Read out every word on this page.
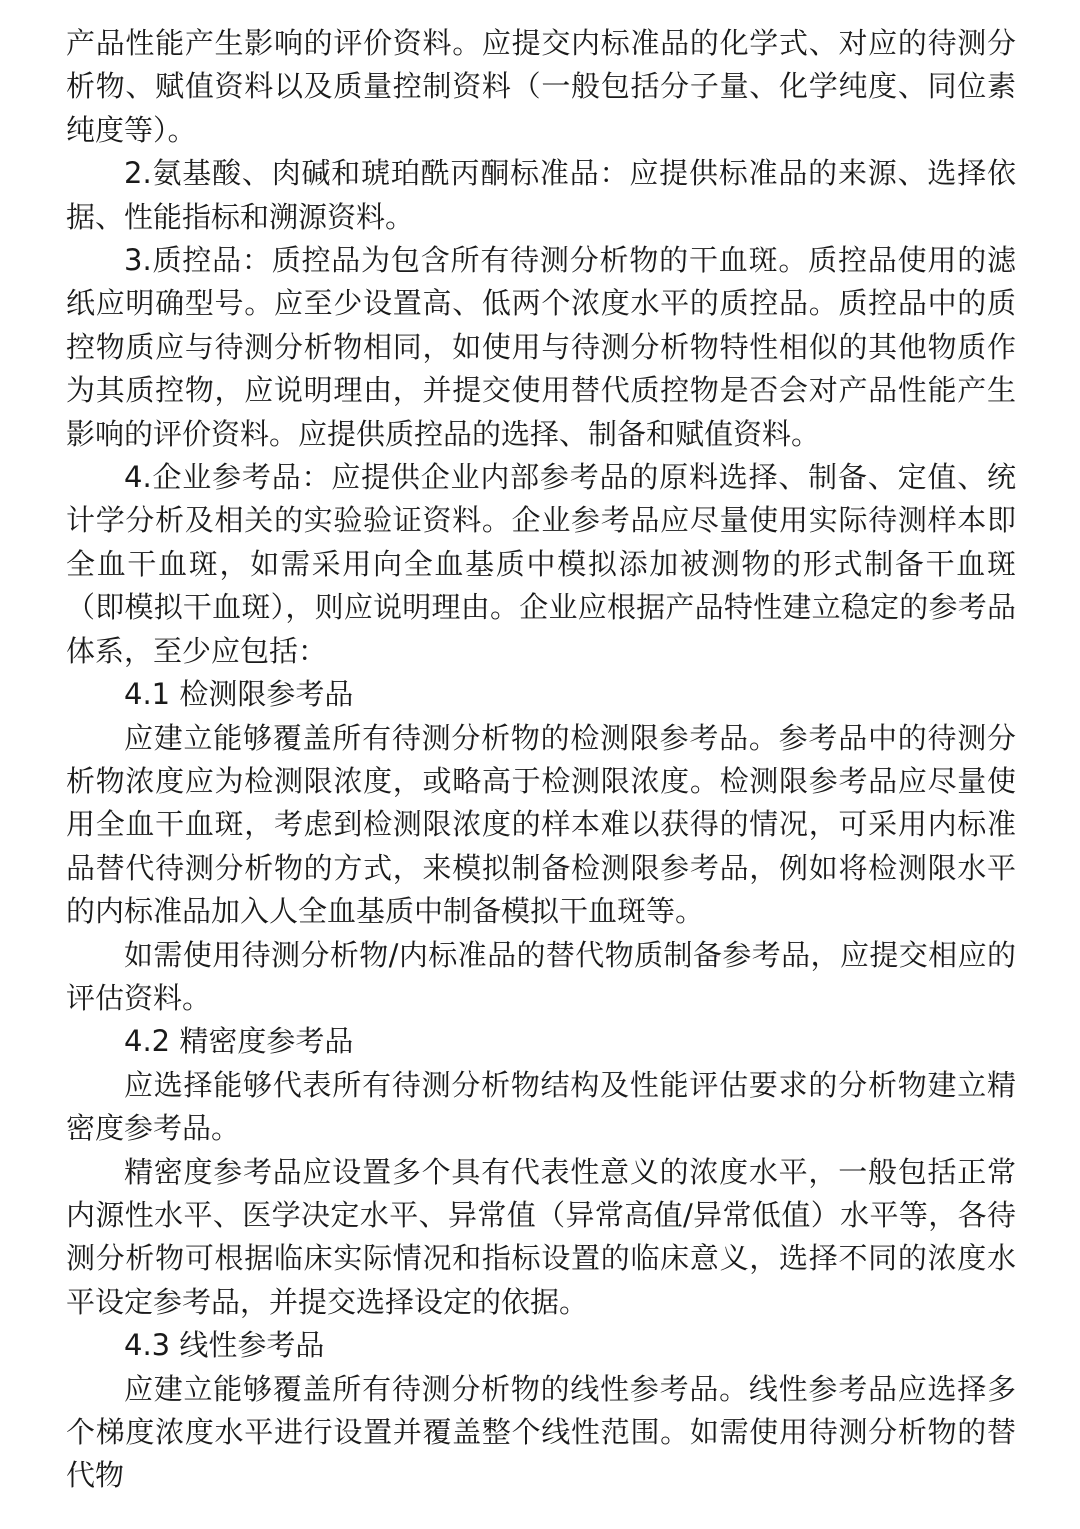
产品性能产生影响的评价资料。应提交内标准品的化学式、对应的待测分析物、赋值资料以及质量控制资料（一般包括分子量、化学纯度、同位素纯度等）。

2.氨基酸、肉碱和琥珀酰丙酮标准品：应提供标准品的来源、选择依据、性能指标和溯源资料。

3.质控品：质控品为包含所有待测分析物的干血斑。质控品使用的滤纸应明确型号。应至少设置高、低两个浓度水平的质控品。质控品中的质控物质应与待测分析物相同，如使用与待测分析物特性相似的其他物质作为其质控物，应说明理由，并提交使用替代质控物是否会对产品性能产生影响的评价资料。应提供质控品的选择、制备和赋值资料。

4.企业参考品：应提供企业内部参考品的原料选择、制备、定值、统计学分析及相关的实验验证资料。企业参考品应尽量使用实际待测样本即全血干血斑，如需采用向全血基质中模拟添加被测物的形式制备干血斑（即模拟干血斑），则应说明理由。企业应根据产品特性建立稳定的参考品体系，至少应包括：

4.1 检测限参考品

应建立能够覆盖所有待测分析物的检测限参考品。参考品中的待测分析物浓度应为检测限浓度，或略高于检测限浓度。检测限参考品应尽量使用全血干血斑，考虑到检测限浓度的样本难以获得的情况，可采用内标准品替代待测分析物的方式，来模拟制备检测限参考品，例如将检测限水平的内标准品加入人全血基质中制备模拟干血斑等。

如需使用待测分析物/内标准品的替代物质制备参考品，应提交相应的评估资料。

4.2 精密度参考品

应选择能够代表所有待测分析物结构及性能评估要求的分析物建立精密度参考品。

精密度参考品应设置多个具有代表性意义的浓度水平，一般包括正常内源性水平、医学决定水平、异常值（异常高值/异常低值）水平等，各待测分析物可根据临床实际情况和指标设置的临床意义，选择不同的浓度水平设定参考品，并提交选择设定的依据。

4.3 线性参考品

应建立能够覆盖所有待测分析物的线性参考品。线性参考品应选择多个梯度浓度水平进行设置并覆盖整个线性范围。如需使用待测分析物的替代物
